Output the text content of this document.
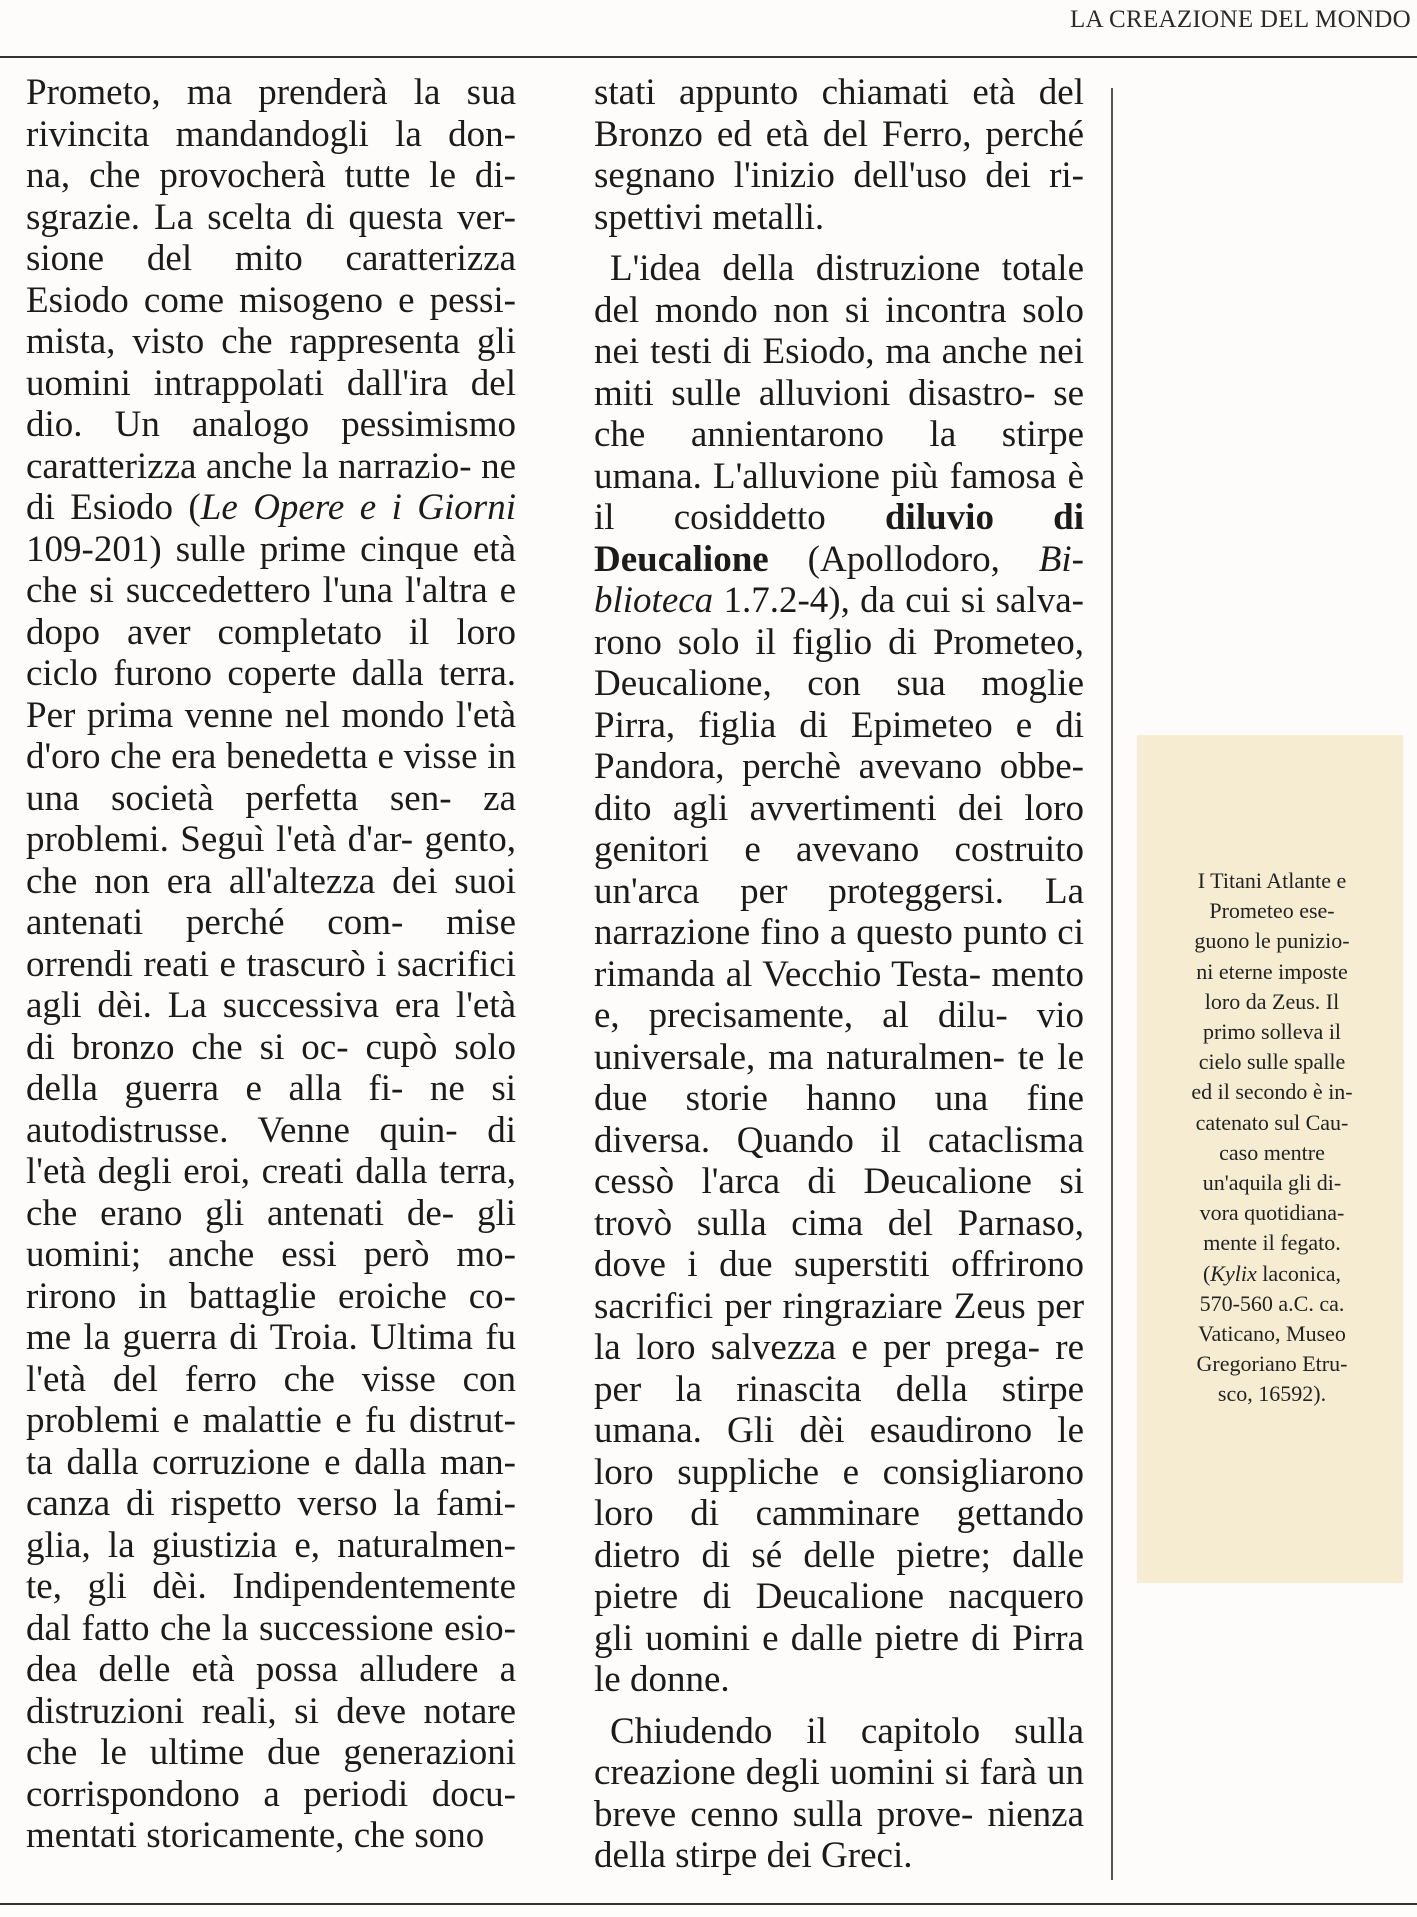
LA CREAZIONE DEL MONDO

Prometo, ma prenderà la sua rivincita mandandogli la don- na, che provocherà tutte le di- sgrazie. La scelta di questa ver- sione del mito caratterizza Esiodo come misogeno e pessi- mista, visto che rappresenta gli uomini intrappolati dall'ira del dio. Un analogo pessimismo caratterizza anche la narrazio- ne di Esiodo (Le Opere e i Giorni 109-201) sulle prime cinque età che si succedettero l'una l'altra e dopo aver completato il loro ciclo furono coperte dalla terra. Per prima venne nel mondo l'età d'oro che era benedetta e visse in una società perfetta sen- za problemi. Seguì l'età d'ar- gento, che non era all'altezza dei suoi antenati perché com- mise orrendi reati e trascurò i sacrifici agli dèi. La successiva era l'età di bronzo che si oc- cupò solo della guerra e alla fi- ne si autodistrusse. Venne quin- di l'età degli eroi, creati dalla terra, che erano gli antenati de- gli uomini; anche essi però mo- rirono in battaglie eroiche co- me la guerra di Troia. Ultima fu l'età del ferro che visse con problemi e malattie e fu distrut- ta dalla corruzione e dalla man- canza di rispetto verso la fami- glia, la giustizia e, naturalmen- te, gli dèi. Indipendentemente dal fatto che la successione esio- dea delle età possa alludere a distruzioni reali, si deve notare che le ultime due generazioni corrispondono a periodi docu- mentati storicamente, che sono

stati appunto chiamati età del Bronzo ed età del Ferro, perché segnano l'inizio dell'uso dei ri- spettivi metalli.

L'idea della distruzione totale del mondo non si incontra solo nei testi di Esiodo, ma anche nei miti sulle alluvioni disastro- se che annientarono la stirpe umana. L'alluvione più famosa è il cosiddetto diluvio di Deucalione (Apollodoro, Bi- blioteca 1.7.2-4), da cui si salva- rono solo il figlio di Prometeo, Deucalione, con sua moglie Pirra, figlia di Epimeteo e di Pandora, perchè avevano obbe- dito agli avvertimenti dei loro genitori e avevano costruito un'arca per proteggersi. La narrazione fino a questo punto ci rimanda al Vecchio Testa- mento e, precisamente, al dilu- vio universale, ma naturalmen- te le due storie hanno una fine diversa. Quando il cataclisma cessò l'arca di Deucalione si trovò sulla cima del Parnaso, dove i due superstiti offrirono sacrifici per ringraziare Zeus per la loro salvezza e per prega- re per la rinascita della stirpe umana. Gli dèi esaudirono le loro suppliche e consigliarono loro di camminare gettando dietro di sé delle pietre; dalle pietre di Deucalione nacquero gli uomini e dalle pietre di Pirra le donne.

Chiudendo il capitolo sulla creazione degli uomini si farà un breve cenno sulla prove- nienza della stirpe dei Greci.

I Titani Atlante e
Prometeo ese-
guono le punizio-
ni eterne imposte
loro da Zeus. Il
primo solleva il
cielo sulle spalle
ed il secondo è in-
catenato sul Cau-
caso mentre
un'aquila gli di-
vora quotidiana-
mente il fegato.
(Kylix laconica,
570-560 a.C. ca.
Vaticano, Museo
Gregoriano Etru-
sco, 16592).
